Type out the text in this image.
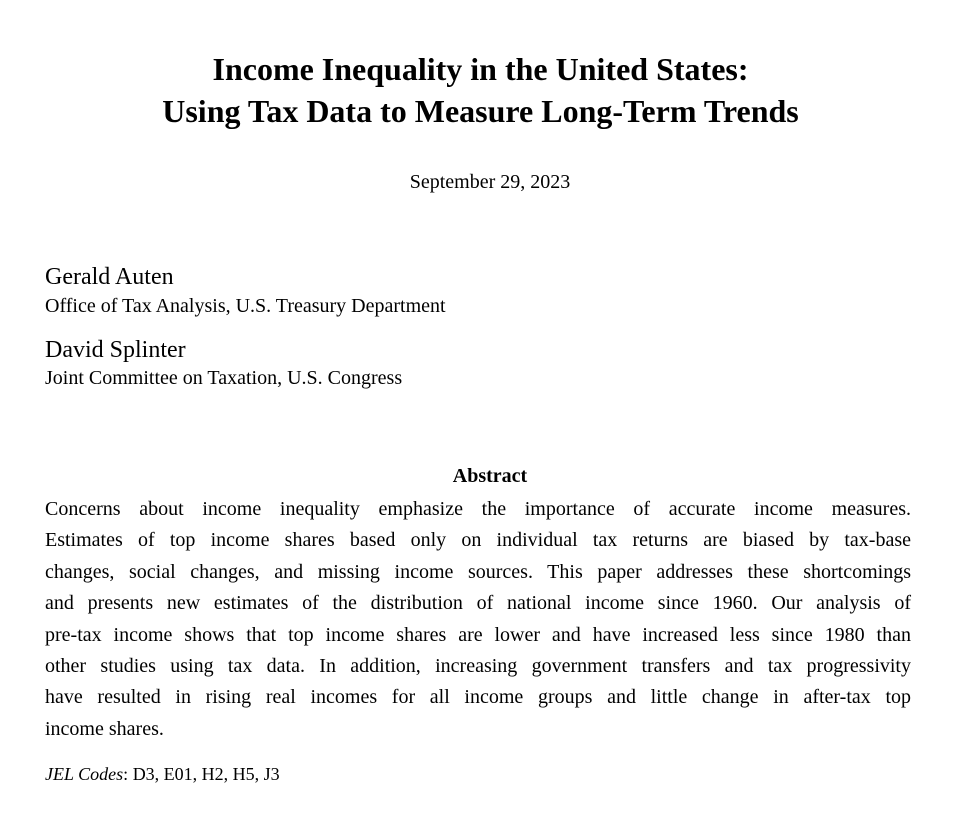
Income Inequality in the United States:
Using Tax Data to Measure Long-Term Trends
September 29, 2023
Gerald Auten
Office of Tax Analysis, U.S. Treasury Department
David Splinter
Joint Committee on Taxation, U.S. Congress
Abstract
Concerns about income inequality emphasize the importance of accurate income measures.
Estimates of top income shares based only on individual tax returns are biased by tax-base
changes, social changes, and missing income sources. This paper addresses these shortcomings
and presents new estimates of the distribution of national income since 1960. Our analysis of
pre-tax income shows that top income shares are lower and have increased less since 1980 than
other studies using tax data. In addition, increasing government transfers and tax progressivity
have resulted in rising real incomes for all income groups and little change in after-tax top
income shares.
JEL Codes: D3, E01, H2, H5, J3
